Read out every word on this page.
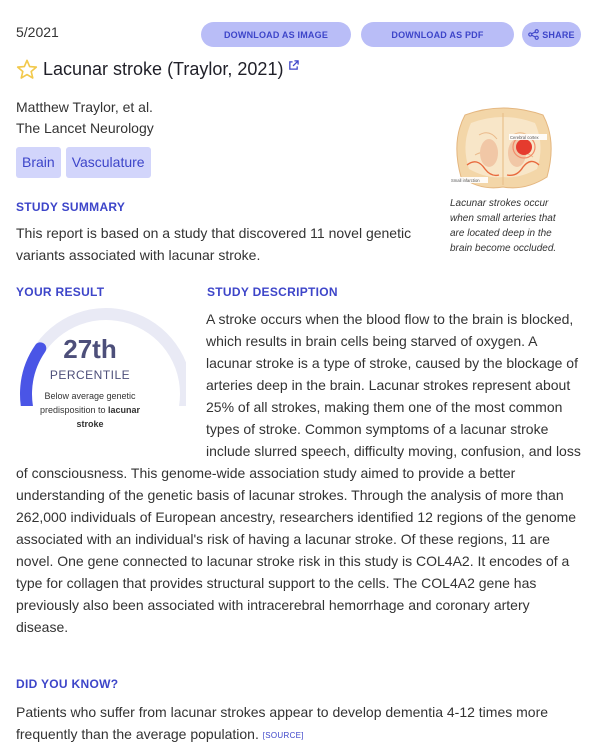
5/2021	DOWNLOAD AS IMAGE	DOWNLOAD AS PDF	SHARE
Lacunar stroke (Traylor, 2021)
Matthew Traylor, et al.
The Lancet Neurology
Brain	Vasculature
Cerebral cortex
Small infarction
Lacunar strokes occur when small arteries that are located deep in the brain become occluded.
STUDY SUMMARY
This report is based on a study that discovered 11 novel genetic variants associated with lacunar stroke.
YOUR RESULT	STUDY DESCRIPTION
A stroke occurs when the blood flow to the brain is blocked, which results in brain cells being starved of oxygen. A lacunar stroke is a type of stroke, caused by the blockage of arteries deep in the brain. Lacunar strokes represent about 25% of all strokes, making them one of the most common types of stroke. Common symptoms of a lacunar stroke include slurred speech, difficulty moving, confusion, and loss of consciousness. This genome-wide association study aimed to provide a better understanding of the genetic basis of lacunar strokes. Through the analysis of more than 262,000 individuals of European ancestry, researchers identified 12 regions of the genome associated with an individual's risk of having a lacunar stroke. Of these regions, 11 are novel. One gene connected to lacunar stroke risk in this study is COL4A2. It encodes of a type for collagen that provides structural support to the cells. The COL4A2 gene has previously also been associated with intracerebral hemorrhage and coronary artery disease.
27th
PERCENTILE
Below average genetic predisposition to lacunar stroke
DID YOU KNOW?
Patients who suffer from lacunar strokes appear to develop dementia 4-12 times more frequently than the average population. [SOURCE]
